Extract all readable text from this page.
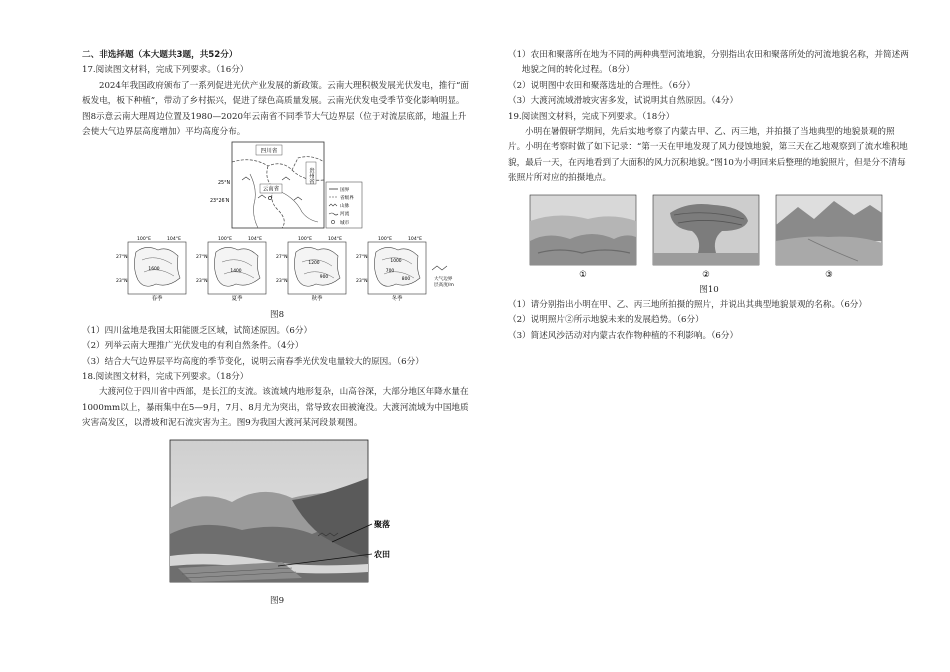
二、非选择题（本大题共3题，共52分）

17.阅读图文材料，完成下列要求。（16分）

2024年我国政府颁布了一系列促进光伏产业发展的新政策。云南大理积极发展光伏发电，推行“面板发电，板下种植”，带动了乡村振兴，促进了绿色高质量发展。云南光伏发电受季节变化影响明显。图8示意云南大理周边位置及1980—2020年云南省不同季节大气边界层（位于对流层底部，地温上升会使大气边界层高度增加）平均高度分布。

四川省
云南省
贵州省
25°N
23°26′N
国界
省级界
山脉
河流
城市
100°E	104°E
27°N
23°N
1600
春季
100°E	104°E
27°N
23°N
1400
夏季
100°E	104°E
27°N
23°N
1200
900
秋季
100°E	104°E
27°N
23°N
1000
700
800
冬季
大气边界
层高度/m

图8

（1）四川盆地是我国太阳能匮乏区域，试简述原因。（6分）

（2）列举云南大理推广光伏发电的有利自然条件。（4分）

（3）结合大气边界层平均高度的季节变化，说明云南春季光伏发电量较大的原因。（6分）

18.阅读图文材料，完成下列要求。（18分）

大渡河位于四川省中西部，是长江的支流。该流域内地形复杂，山高谷深，大部分地区年降水量在1000mm以上，暴雨集中在5—9月，7月、8月尤为突出，常导致农田被淹没。大渡河流域为中国地质灾害高发区，以滑坡和泥石流灾害为主。图9为我国大渡河某河段景观图。

聚落
农田

图9

（1）农田和聚落所在地为不同的两种典型河流地貌，分别指出农田和聚落所处的河流地貌名称，并简述两地貌之间的转化过程。（8分）

（2）说明图中农田和聚落选址的合理性。（6分）

（3）大渡河流域滑坡灾害多发，试说明其自然原因。（4分）

19.阅读图文材料，完成下列要求。（18分）

小明在暑假研学期间，先后实地考察了内蒙古甲、乙、丙三地，并拍摄了当地典型的地貌景观的照片。小明在考察时做了如下记录：“第一天在甲地发现了风力侵蚀地貌，第三天在乙地观察到了流水堆积地貌，最后一天，在丙地看到了大面积的风力沉积地貌。”图10为小明回来后整理的地貌照片，但是分不清每张照片所对应的拍摄地点。

①	②	③

图10

（1）请分别指出小明在甲、乙、丙三地所拍摄的照片，并说出其典型地貌景观的名称。（6分）

（2）说明照片②所示地貌未来的发展趋势。（6分）

（3）简述风沙活动对内蒙古农作物种植的不利影响。（6分）
